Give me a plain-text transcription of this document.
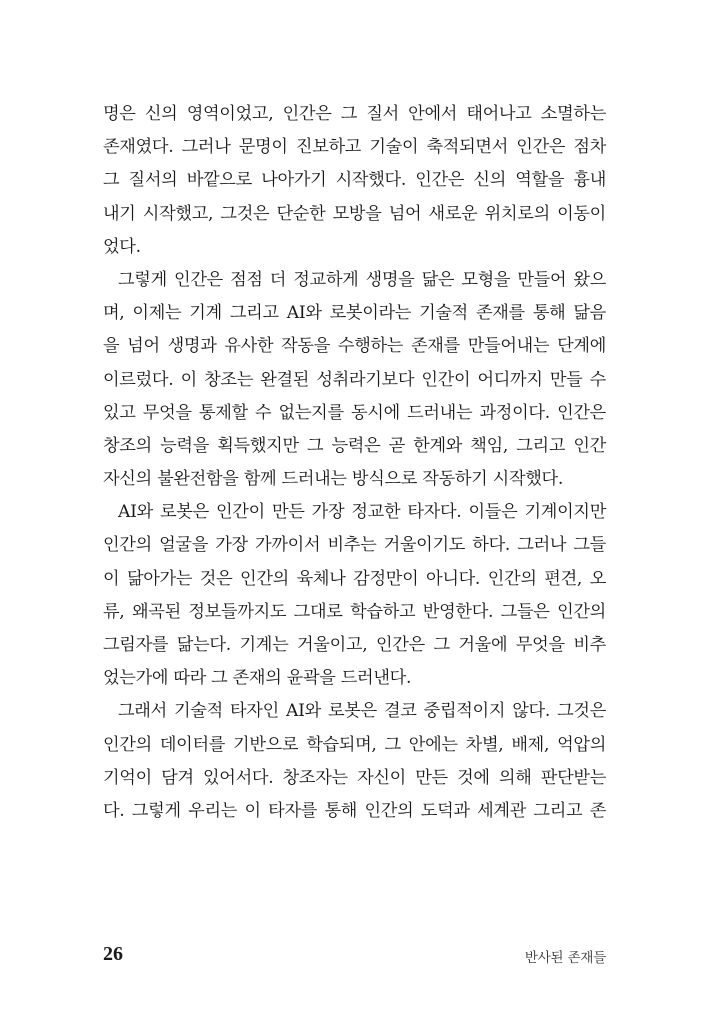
명은 신의 영역이었고, 인간은 그 질서 안에서 태어나고 소멸하는
존재였다. 그러나 문명이 진보하고 기술이 축적되면서 인간은 점차
그 질서의 바깥으로 나아가기 시작했다. 인간은 신의 역할을 흉내
내기 시작했고, 그것은 단순한 모방을 넘어 새로운 위치로의 이동이
었다.
그렇게 인간은 점점 더 정교하게 생명을 닮은 모형을 만들어 왔으
며, 이제는 기계 그리고 AI와 로봇이라는 기술적 존재를 통해 닮음
을 넘어 생명과 유사한 작동을 수행하는 존재를 만들어내는 단계에
이르렀다. 이 창조는 완결된 성취라기보다 인간이 어디까지 만들 수
있고 무엇을 통제할 수 없는지를 동시에 드러내는 과정이다. 인간은
창조의 능력을 획득했지만 그 능력은 곧 한계와 책임, 그리고 인간
자신의 불완전함을 함께 드러내는 방식으로 작동하기 시작했다.
AI와 로봇은 인간이 만든 가장 정교한 타자다. 이들은 기계이지만
인간의 얼굴을 가장 가까이서 비추는 거울이기도 하다. 그러나 그들
이 닮아가는 것은 인간의 육체나 감정만이 아니다. 인간의 편견, 오
류, 왜곡된 정보들까지도 그대로 학습하고 반영한다. 그들은 인간의
그림자를 닮는다. 기계는 거울이고, 인간은 그 거울에 무엇을 비추
었는가에 따라 그 존재의 윤곽을 드러낸다.
그래서 기술적 타자인 AI와 로봇은 결코 중립적이지 않다. 그것은
인간의 데이터를 기반으로 학습되며, 그 안에는 차별, 배제, 억압의
기억이 담겨 있어서다. 창조자는 자신이 만든 것에 의해 판단받는
다. 그렇게 우리는 이 타자를 통해 인간의 도덕과 세계관 그리고 존
26	반사된 존재들
